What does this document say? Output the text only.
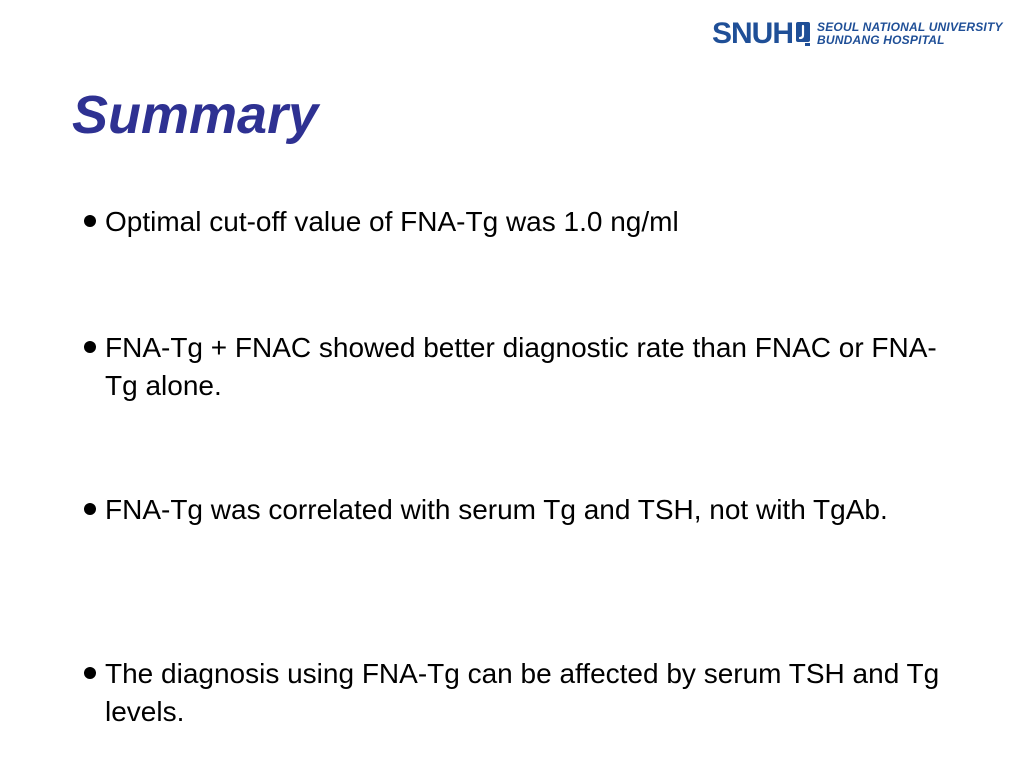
SNUH SEOUL NATIONAL UNIVERSITY
BUNDANG HOSPITAL
Summary
Optimal cut-off value of FNA-Tg was 1.0 ng/ml
FNA-Tg + FNAC showed better diagnostic rate than FNAC or FNA-Tg alone.
FNA-Tg was correlated with serum Tg and TSH, not with TgAb.
The diagnosis using FNA-Tg can be affected by serum TSH and Tg levels.
